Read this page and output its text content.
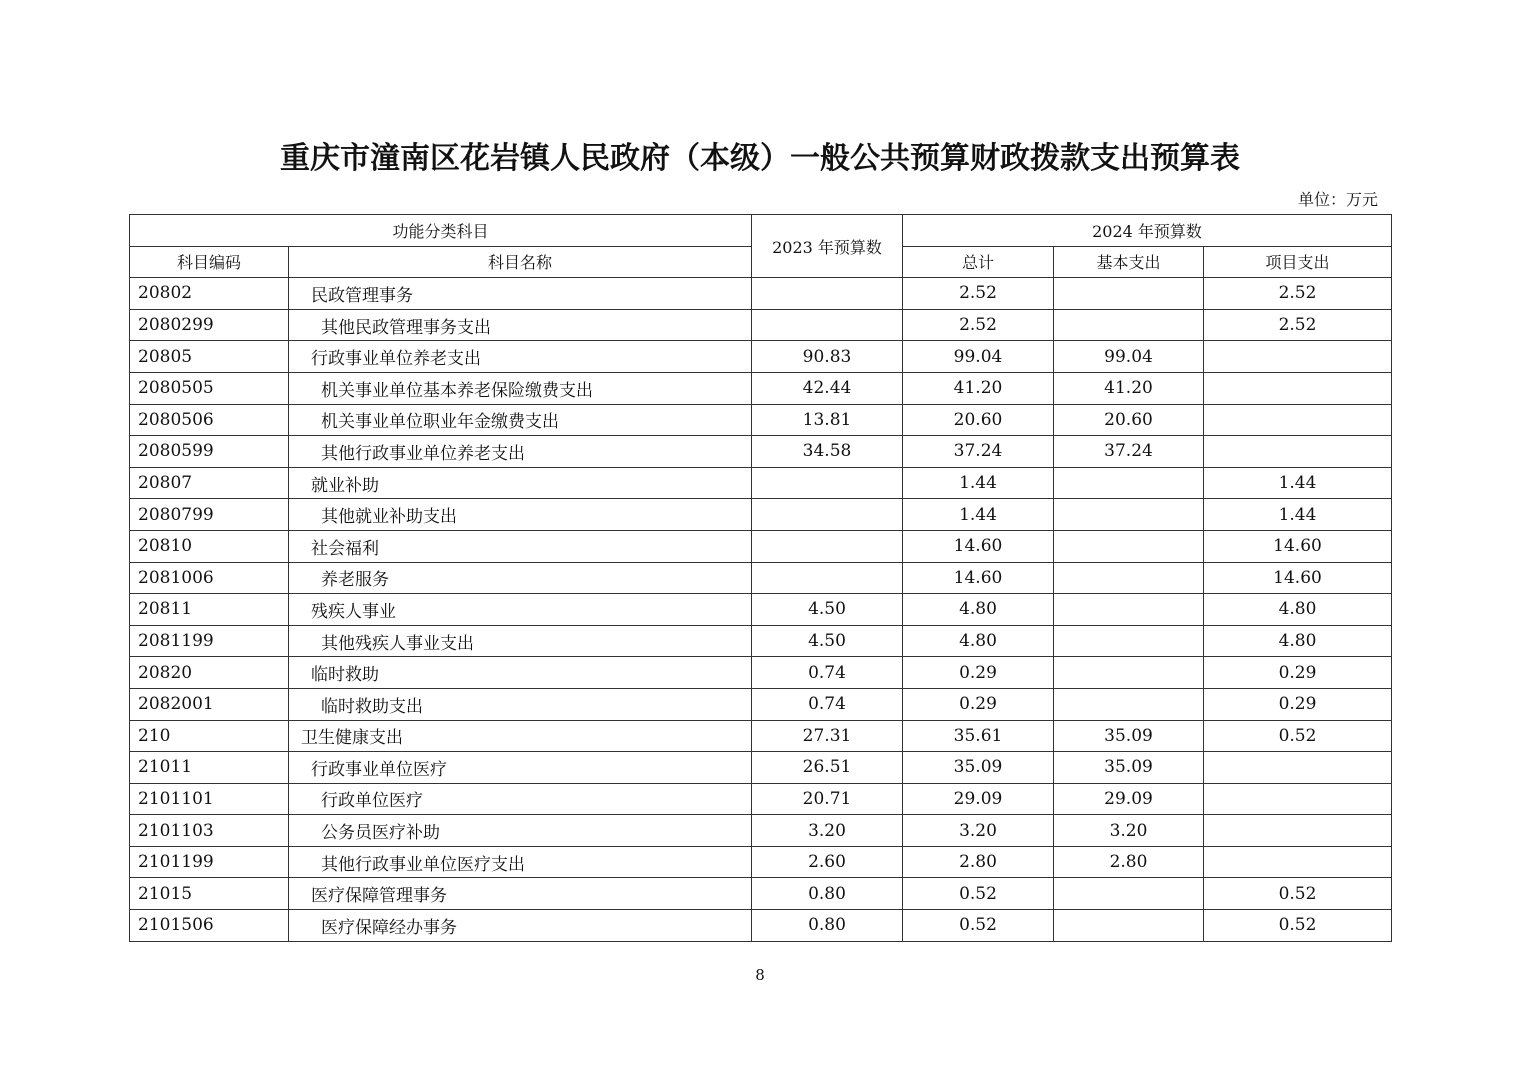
重庆市潼南区花岩镇人民政府（本级）一般公共预算财政拨款支出预算表
单位：万元
功能分类科目		2023 年预算数	2024 年预算数		
科目编码	科目名称		总计	基本支出	项目支出
20802	民政管理事务		2.52		2.52
2080299	其他民政管理事务支出		2.52		2.52
20805	行政事业单位养老支出	90.83	99.04	99.04	
2080505	机关事业单位基本养老保险缴费支出	42.44	41.20	41.20	
2080506	机关事业单位职业年金缴费支出	13.81	20.60	20.60	
2080599	其他行政事业单位养老支出	34.58	37.24	37.24	
20807	就业补助		1.44		1.44
2080799	其他就业补助支出		1.44		1.44
20810	社会福利		14.60		14.60
2081006	养老服务		14.60		14.60
20811	残疾人事业	4.50	4.80		4.80
2081199	其他残疾人事业支出	4.50	4.80		4.80
20820	临时救助	0.74	0.29		0.29
2082001	临时救助支出	0.74	0.29		0.29
210	卫生健康支出	27.31	35.61	35.09	0.52
21011	行政事业单位医疗	26.51	35.09	35.09	
2101101	行政单位医疗	20.71	29.09	29.09	
2101103	公务员医疗补助	3.20	3.20	3.20	
2101199	其他行政事业单位医疗支出	2.60	2.80	2.80	
21015	医疗保障管理事务	0.80	0.52		0.52
2101506	医疗保障经办事务	0.80	0.52		0.52
8
